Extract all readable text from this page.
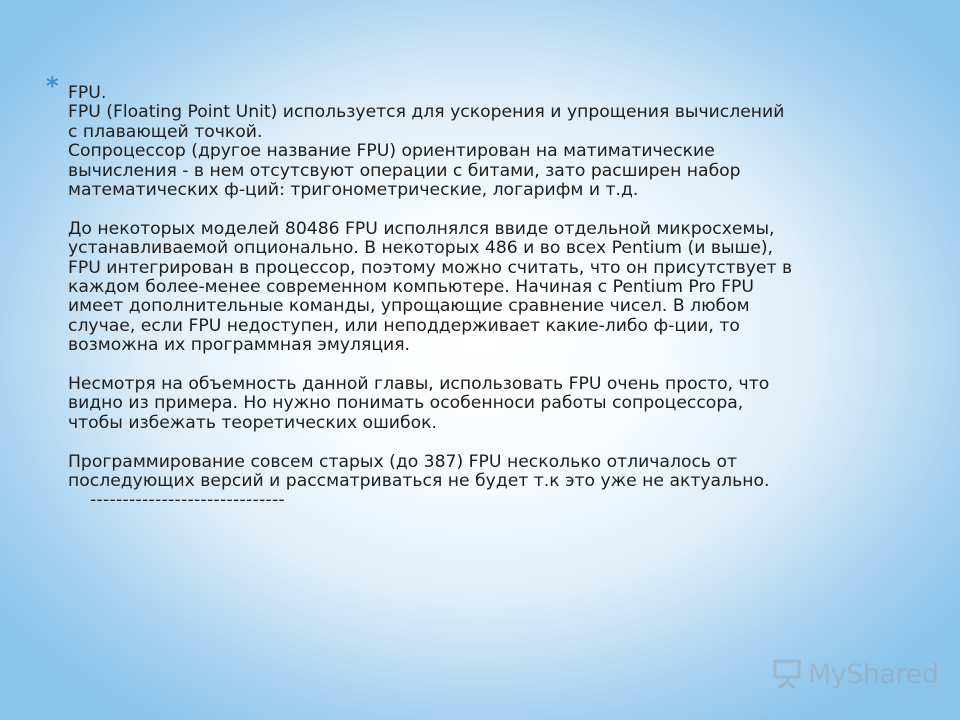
* FPU.
FPU (Floating Point Unit) используется для ускорения и упрощения вычислений
с плавающей точкой.
Сопроцессор (другое название FPU) ориентирован на матиматические
вычисления - в нем отсутсвуют операции с битами, зато расширен набор
математических ф-ций: тригонометрические, логарифм и т.д.
До некоторых моделей 80486 FPU исполнялся ввиде отдельной микросхемы,
устанавливаемой опционально. В некоторых 486 и во всех Pentium (и выше),
FPU интегрирован в процессор, поэтому можно считать, что он присутствует в
каждом более-менее современном компьютере. Начиная с Pentium Pro FPU
имеет дополнительные команды, упрощающие сравнение чисел. В любом
случае, если FPU недоступен, или неподдерживает какие-либо ф-ции, то
возможна их программная эмуляция.
Несмотря на объемность данной главы, использовать FPU очень просто, что
видно из примера. Но нужно понимать особенноси работы сопроцессора,
чтобы избежать теоретических ошибок.
Программирование совсем старых (до 387) FPU несколько отличалось от
последующих версий и рассматриваться не будет т.к это уже не актуально.
------------------------------
MyShared
